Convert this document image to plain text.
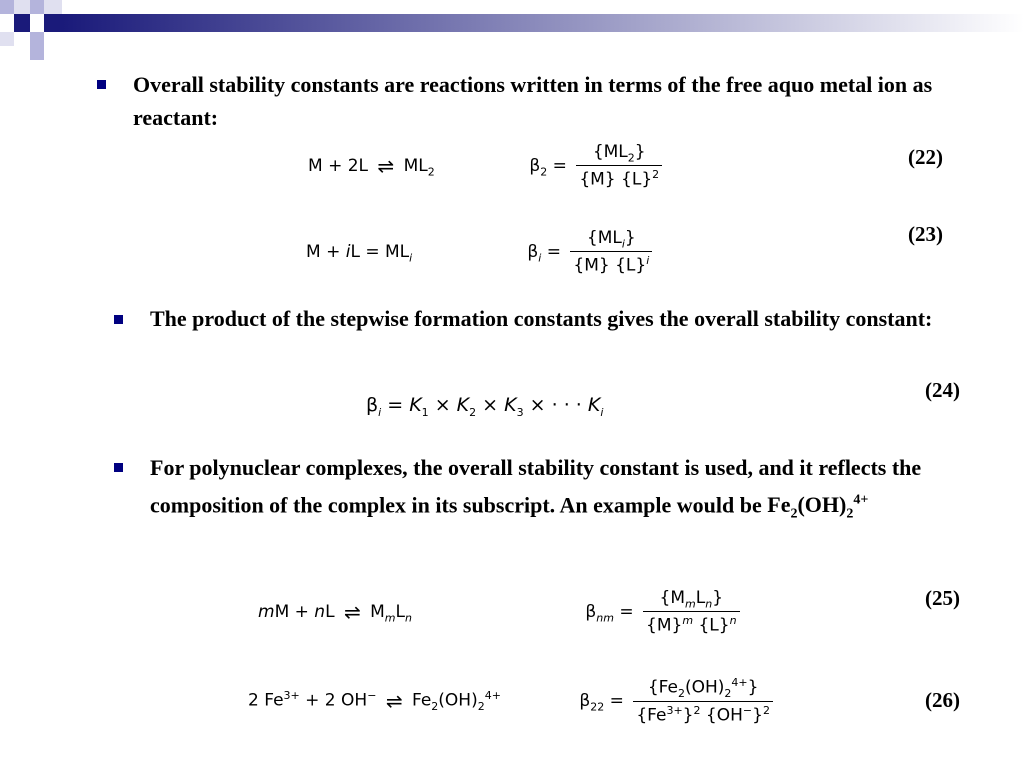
Overall stability constants are reactions written in terms of the free aquo metal ion as reactant:
M + 2L ⇌ $ML_2$	$\beta_2 = \frac{\{ML_2\}}{\{M\} \{L\}^2}$	(22)
M + iL = $ML_i$	$\beta_i = \frac{\{ML_i\}}{\{M\} \{L\}^i}$	(23)
The product of the stepwise formation constants gives the overall stability constant:
$\beta_i = K_1 \times K_2 \times K_3$ × · · · $K_i$
(24)
For polynuclear complexes, the overall stability constant is used, and it reflects the composition of the complex in its subscript. An example would be $Fe_2(OH)_2^{4+}$
mM + nL ⇌ $M_mL_n$	$\beta_{nm} = \frac{\{M_mL_n\}}{\{M\}^m \{L\}^n}$	(25)
2 $Fe^{3+} + 2$ OH− ⇌ $Fe_2(OH)_2^{4+}$	$\beta_{22} = \frac{\{Fe_2(OH)_2^{4+}\}}{\{Fe^{3+}\}^2 \{OH^-\}^2}$	(26)
